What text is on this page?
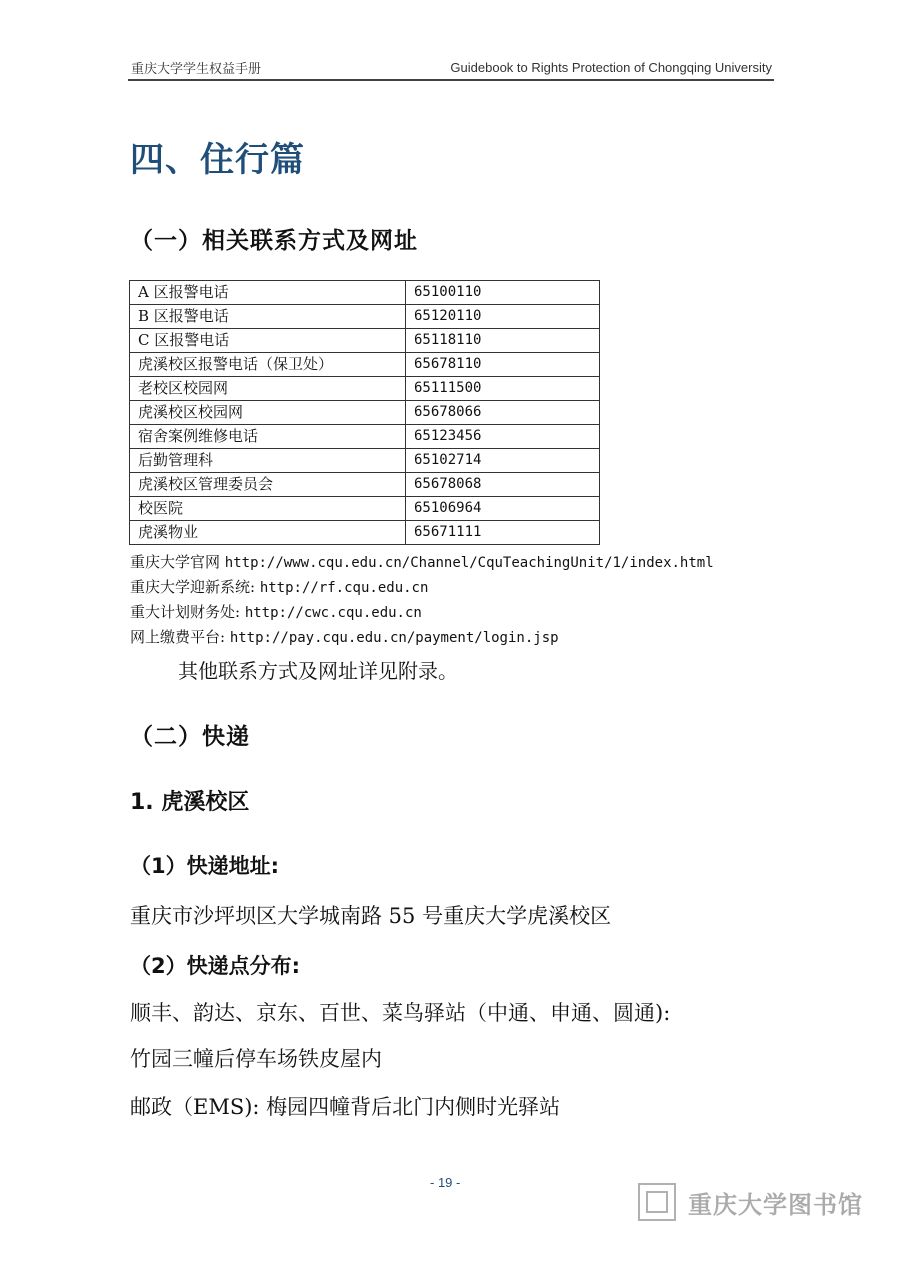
重庆大学学生权益手册	Guidebook to Rights Protection of Chongqing University
四、住行篇
（一）相关联系方式及网址
A 区报警电话	65100110
B 区报警电话	65120110
C 区报警电话	65118110
虎溪校区报警电话（保卫处）	65678110
老校区校园网	65111500
虎溪校区校园网	65678066
宿舍案例维修电话	65123456
后勤管理科	65102714
虎溪校区管理委员会	65678068
校医院	65106964
虎溪物业	65671111
重庆大学官网 http://www.cqu.edu.cn/Channel/CquTeachingUnit/1/index.html
重庆大学迎新系统: http://rf.cqu.edu.cn
重大计划财务处: http://cwc.cqu.edu.cn
网上缴费平台: http://pay.cqu.edu.cn/payment/login.jsp
其他联系方式及网址详见附录。
（二）快递
1. 虎溪校区
（1）快递地址:
重庆市沙坪坝区大学城南路 55 号重庆大学虎溪校区
（2）快递点分布:
顺丰、韵达、京东、百世、菜鸟驿站（中通、申通、圆通):
竹园三幢后停车场铁皮屋内
邮政（EMS): 梅园四幢背后北门内侧时光驿站
- 19 -
重庆大学图书馆
